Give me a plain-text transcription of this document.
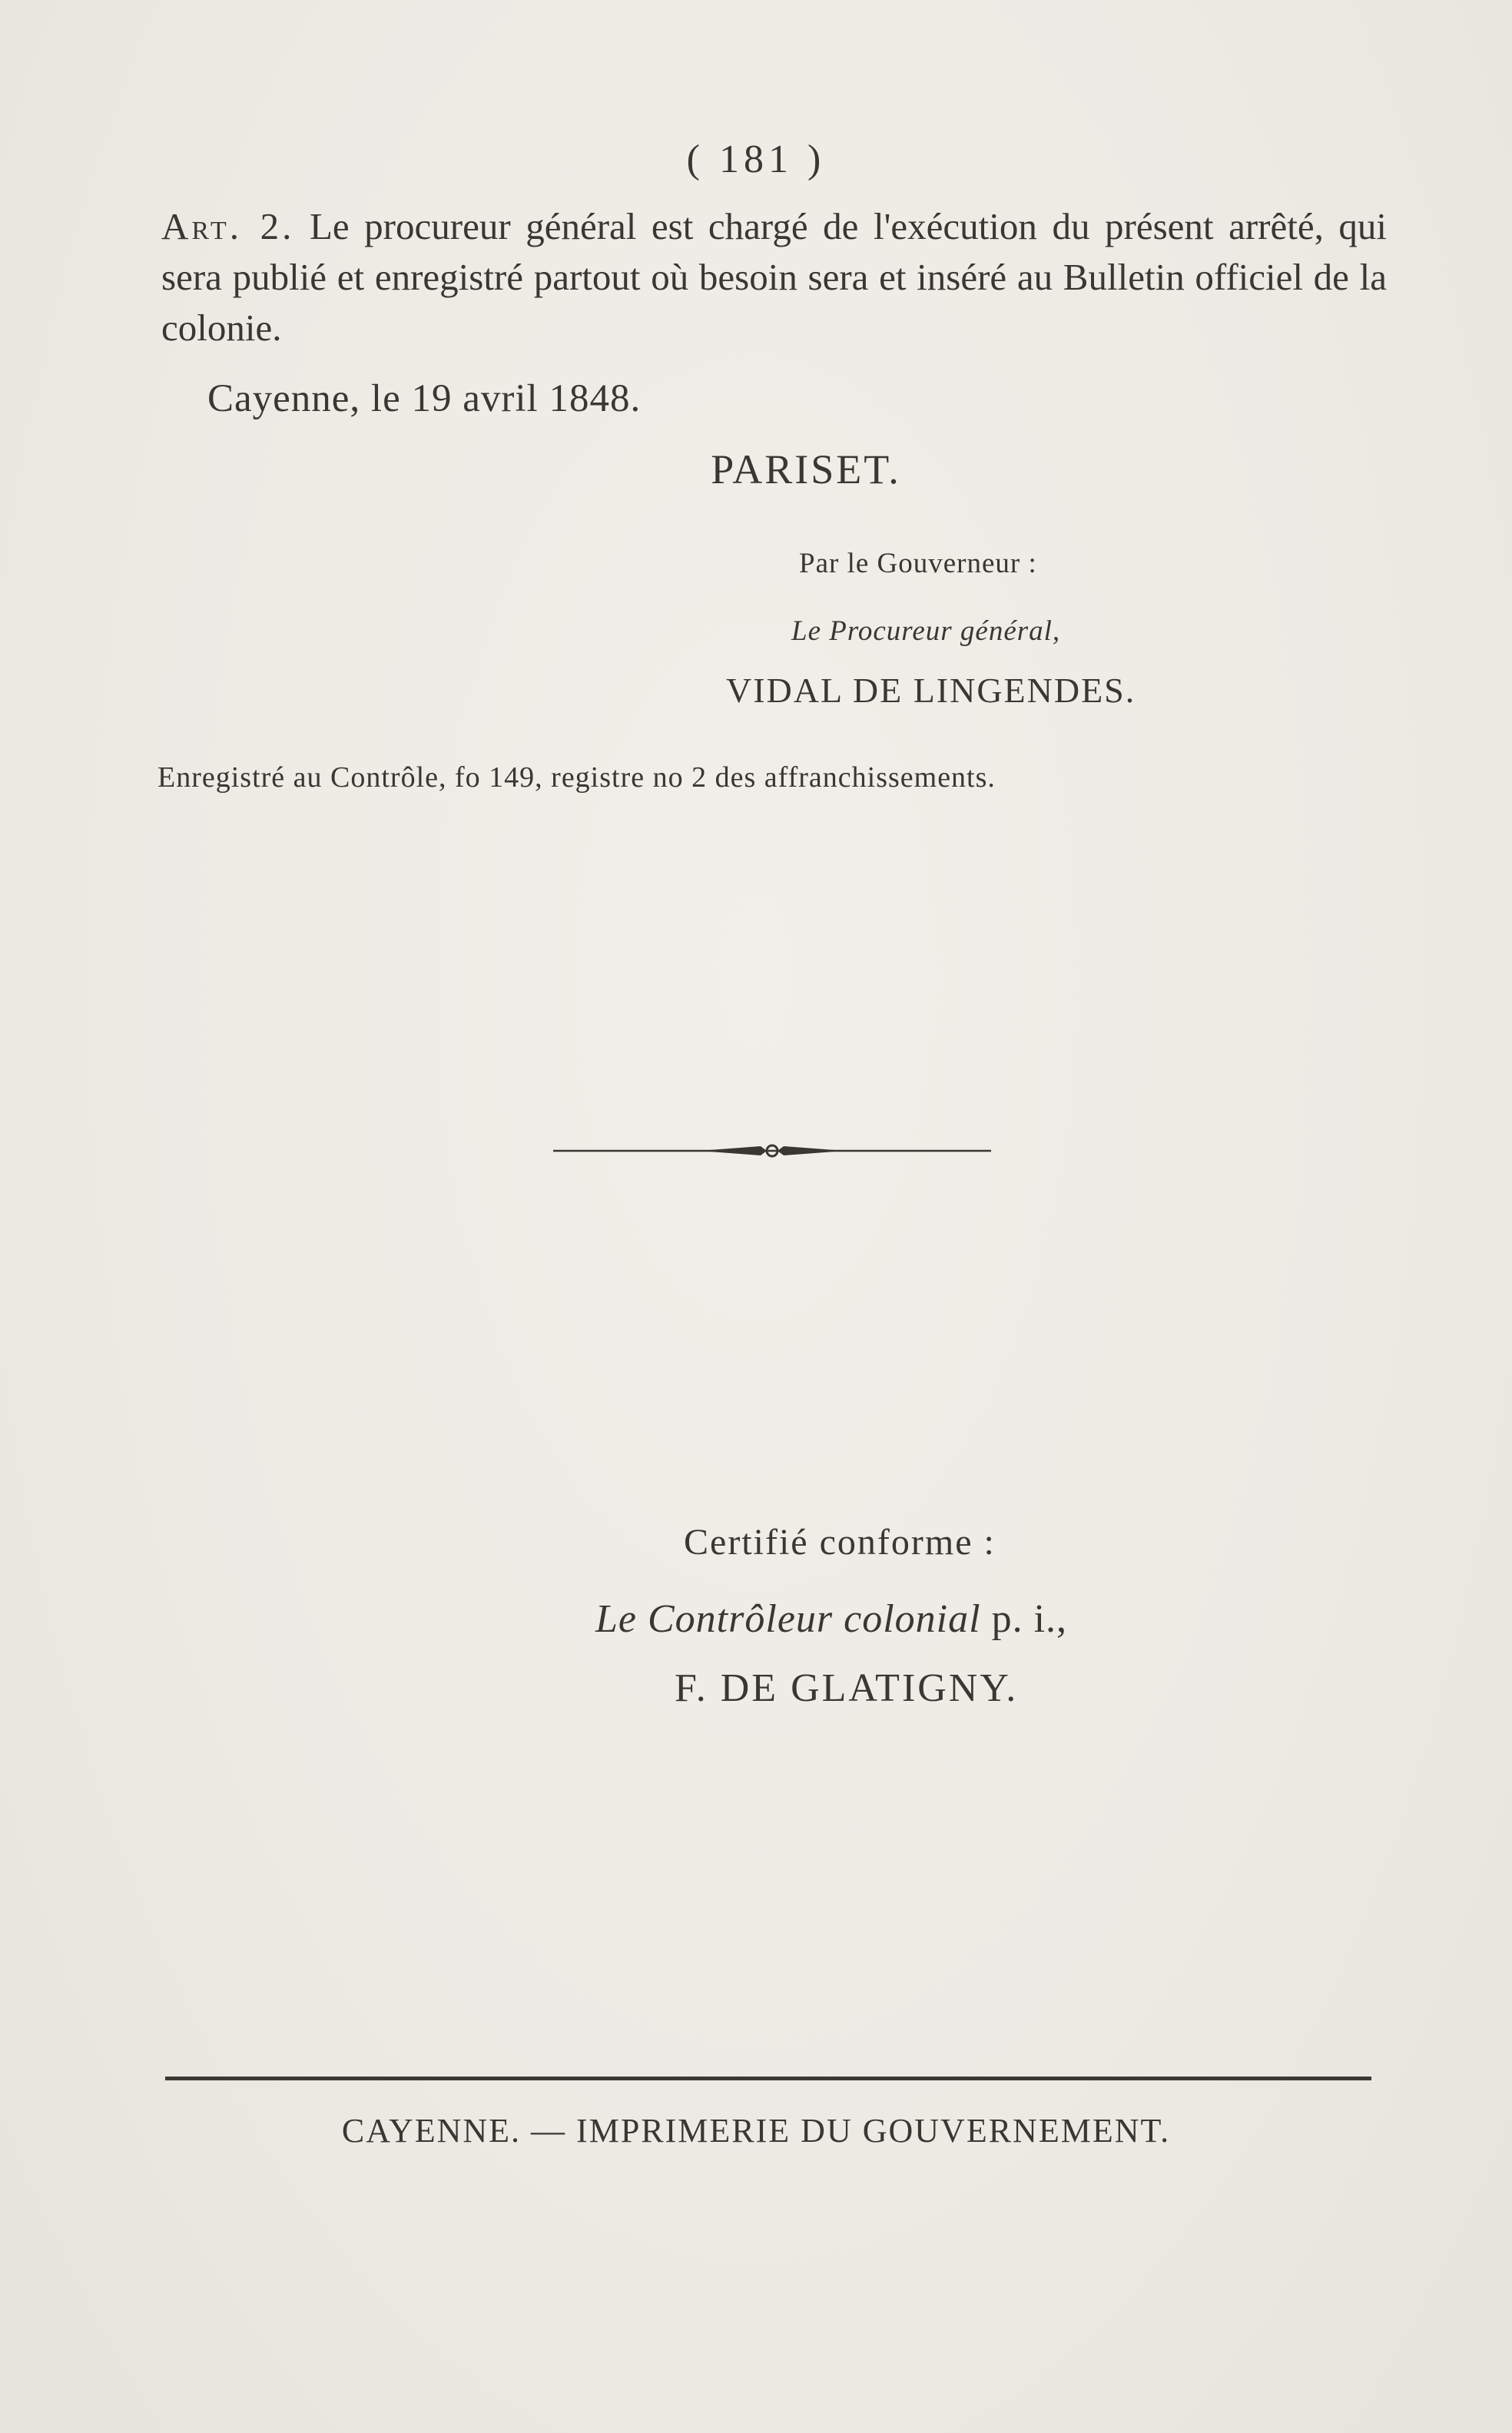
( 181 )
Art. 2. Le procureur général est chargé de l'exécution du présent arrêté, qui sera publié et enregistré partout où besoin sera et inséré au Bulletin officiel de la colonie.
Cayenne, le 19 avril 1848.
PARISET.
Par le Gouverneur :
Le Procureur général,
VIDAL DE LINGENDES.
Enregistré au Contrôle, fo 149, registre no 2 des affranchissements.
Certifié conforme :
Le Contrôleur colonial p. i.,
F. DE GLATIGNY.
CAYENNE. — IMPRIMERIE DU GOUVERNEMENT.
